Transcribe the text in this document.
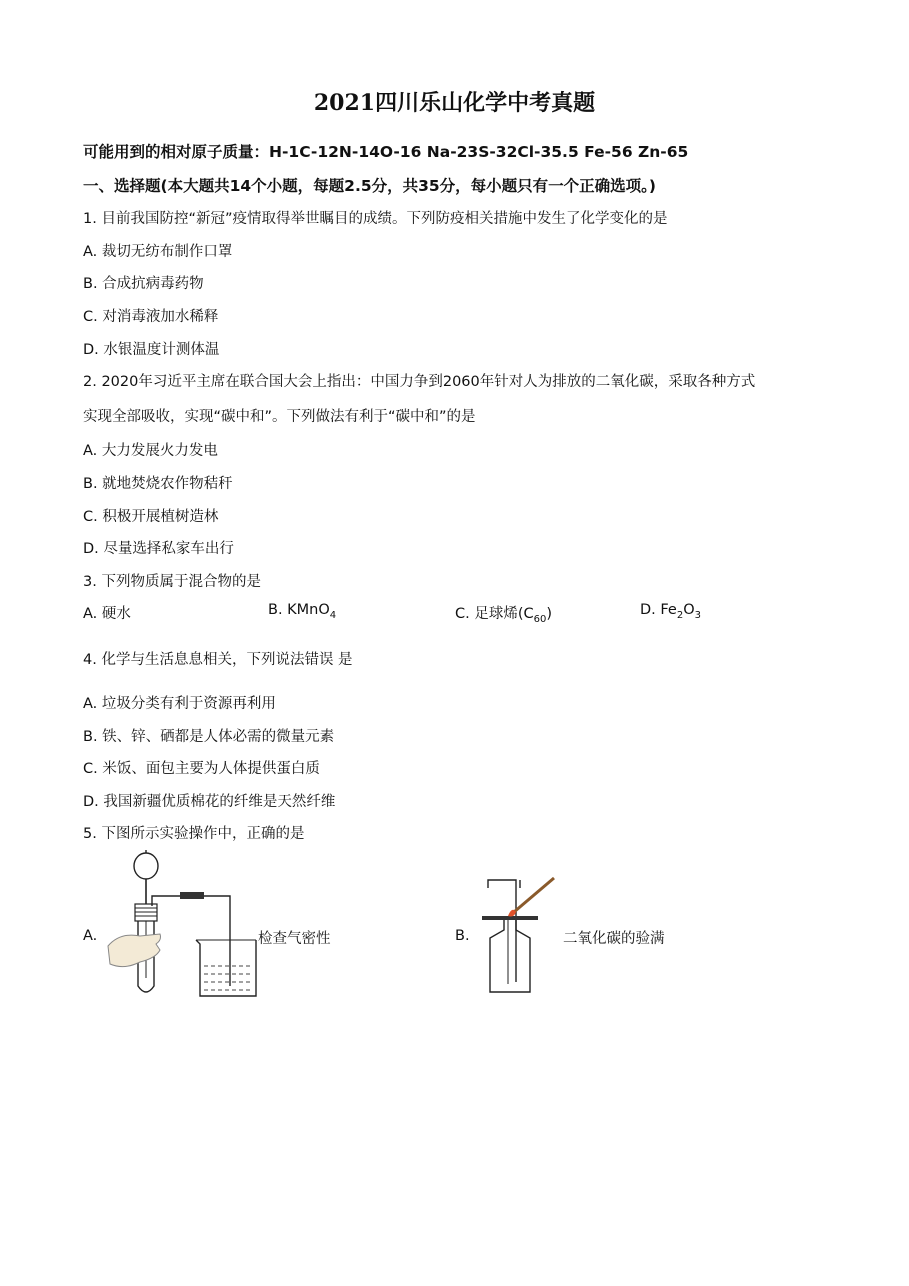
2021四川乐山化学中考真题
可能用到的相对原子质量：H-1C-12N-14O-16 Na-23S-32Cl-35.5 Fe-56 Zn-65
一、选择题(本大题共14个小题，每题2.5分，共35分，每小题只有一个正确选项。)
1. 目前我国防控“新冠”疫情取得举世瞩目的成绩。下列防疫相关措施中发生了化学变化的是
A. 裁切无纺布制作口罩
B. 合成抗病毒药物
C. 对消毒液加水稀释
D. 水银温度计测体温
2. 2020年习近平主席在联合国大会上指出：中国力争到2060年针对人为排放的二氧化碳，采取各种方式
实现全部吸收，实现“碳中和”。下列做法有利于“碳中和”的是
A. 大力发展火力发电
B. 就地焚烧农作物秸秆
C. 积极开展植树造林
D. 尽量选择私家车出行
3. 下列物质属于混合物的是
A. 硬水	B. KMnO$_4$	C. 足球烯$(C_{60})$	D. $Fe_2O_3$
4. 化学与生活息息相关，下列说法错误 是
A. 垃圾分类有利于资源再利用
B. 铁、锌、硒都是人体必需的微量元素
C. 米饭、面包主要为人体提供蛋白质
D. 我国新疆优质棉花的纤维是天然纤维
5. 下图所示实验操作中，正确的是
A.	检查气密性	B.	二氧化碳的验满
